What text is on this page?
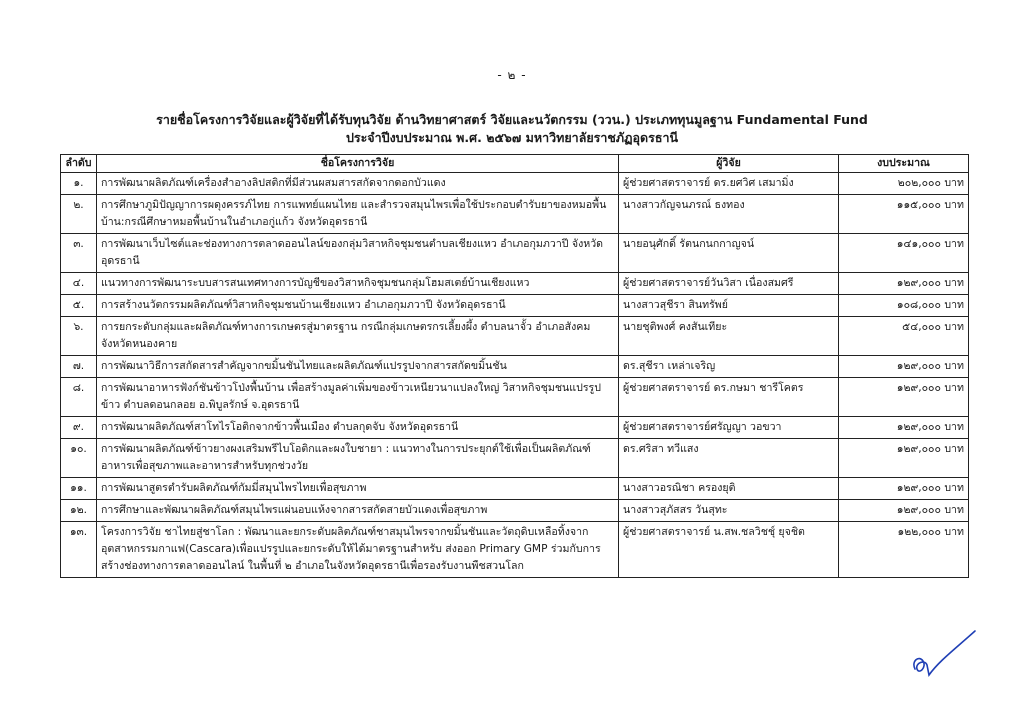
- ๒ -
รายชื่อโครงการวิจัยและผู้วิจัยที่ได้รับทุนวิจัย ด้านวิทยาศาสตร์ วิจัยและนวัตกรรม (ววน.) ประเภททุนมูลฐาน Fundamental Fund
ประจำปีงบประมาณ พ.ศ. ๒๕๖๗ มหาวิทยาลัยราชภัฏอุดรธานี
ลำดับ	ชื่อโครงการวิจัย	ผู้วิจัย	งบประมาณ
๑.	การพัฒนาผลิตภัณฑ์เครื่องสำอางลิปสติกที่มีส่วนผสมสารสกัดจากดอกบัวแดง	ผู้ช่วยศาสตราจารย์ ดร.ยศวิศ เสมามิ่ง	๒๐๒,๐๐๐ บาท
๒.	การศึกษาภูมิปัญญาการผดุงครรภ์ไทย การแพทย์แผนไทย และสำรวจสมุนไพรเพื่อใช้ประกอบตำรับยาของหมอพื้นบ้าน:กรณีศึกษาหมอพื้นบ้านในอำเภอกู่แก้ว จังหวัดอุดรธานี	นางสาวกัญจนภรณ์ ธงทอง	๑๑๕,๐๐๐ บาท
๓.	การพัฒนาเว็บไซต์และช่องทางการตลาดออนไลน์ของกลุ่มวิสาหกิจชุมชนตำบลเชียงแหว อำเภอกุมภวาปี จังหวัดอุดรธานี	นายอนุศักดิ์ รัตนกนกกาญจน์	๑๔๑,๐๐๐ บาท
๔.	แนวทางการพัฒนาระบบสารสนเทศทางการบัญชีของวิสาหกิจชุมชนกลุ่มโฮมสเตย์บ้านเชียงแหว	ผู้ช่วยศาสตราจารย์วันวิสา เนื่องสมศรี	๑๒๙,๐๐๐ บาท
๕.	การสร้างนวัตกรรมผลิตภัณฑ์วิสาหกิจชุมชนบ้านเชียงแหว อำเภอกุมภวาปี จังหวัดอุดรธานี	นางสาวสุชีรา สินทรัพย์	๑๐๘,๐๐๐ บาท
๖.	การยกระดับกลุ่มและผลิตภัณฑ์ทางการเกษตรสู่มาตรฐาน กรณีกลุ่มเกษตรกรเลี้ยงผึ้ง ตำบลนาจั้ว อำเภอสังคม จังหวัดหนองคาย	นายชุติพงศ์ คงสันเทียะ	๕๔,๐๐๐ บาท
๗.	การพัฒนาวิธีการสกัดสารสำคัญจากขมิ้นชันไทยและผลิตภัณฑ์แปรรูปจากสารสกัดขมิ้นชัน	ดร.สุชีรา เหล่าเจริญ	๑๒๙,๐๐๐ บาท
๘.	การพัฒนาอาหารฟังก์ชันข้าวโป่งพื้นบ้าน เพื่อสร้างมูลค่าเพิ่มของข้าวเหนียวนาแปลงใหญ่ วิสาหกิจชุมชนแปรรูปข้าว ตำบลดอนกลอย อ.พิบูลรักษ์ จ.อุดรธานี	ผู้ช่วยศาสตราจารย์ ดร.กษมา ชารีโคตร	๑๒๙,๐๐๐ บาท
๙.	การพัฒนาผลิตภัณฑ์สาโทไรโอติกจากข้าวพื้นเมือง ตำบลกุดจับ จังหวัดอุดรธานี	ผู้ช่วยศาสตราจารย์ศรัญญา วอขวา	๑๒๙,๐๐๐ บาท
๑๐.	การพัฒนาผลิตภัณฑ์ข้าวยางผงเสริมพรีไบโอติกและผงใบชายา : แนวทางในการประยุกต์ใช้เพื่อเป็นผลิตภัณฑ์อาหารเพื่อสุขภาพและอาหารสำหรับทุกช่วงวัย	ดร.ศริสา ทวีแสง	๑๒๙,๐๐๐ บาท
๑๑.	การพัฒนาสูตรตำรับผลิตภัณฑ์กัมมี่สมุนไพรไทยเพื่อสุขภาพ	นางสาวอรณิชา ครองยุติ	๑๒๙,๐๐๐ บาท
๑๒.	การศึกษาและพัฒนาผลิตภัณฑ์สมุนไพรแผ่นอบแห้งจากสารสกัดสายบัวแดงเพื่อสุขภาพ	นางสาวสุภัสสร วันสุทะ	๑๒๙,๐๐๐ บาท
๑๓.	โครงการวิจัย ชาไทยสู่ชาโลก : พัฒนาและยกระดับผลิตภัณฑ์ชาสมุนไพรจากขมิ้นชันและวัตถุดิบเหลือทิ้งจากอุตสาหกรรมกาแฟ(Cascara)เพื่อแปรรูปและยกระดับให้ได้มาตรฐานสำหรับ ส่งออก Primary GMP ร่วมกับการสร้างช่องทางการตลาดออนไลน์ ในพื้นที่ ๒ อำเภอในจังหวัดอุดรธานีเพื่อรองรับงานพืชสวนโลก	ผู้ช่วยศาสตราจารย์ น.สพ.ชลวิชชุ์ ยุจชิต	๑๒๒,๐๐๐ บาท
